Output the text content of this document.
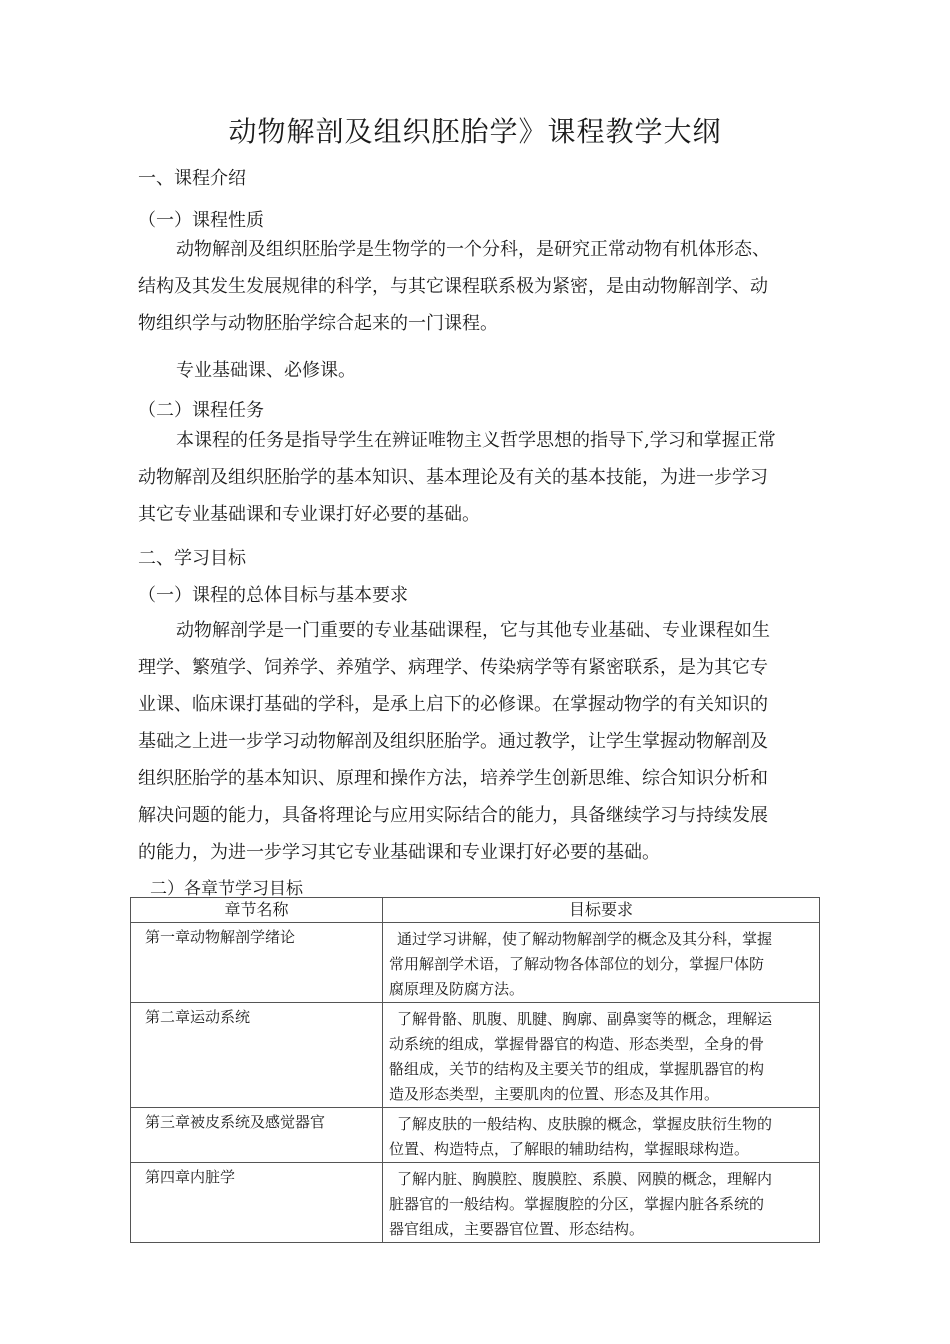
动物解剖及组织胚胎学》课程教学大纲
一、课程介绍
（一）课程性质
动物解剖及组织胚胎学是生物学的一个分科，是研究正常动物有机体形态、
结构及其发生发展规律的科学，与其它课程联系极为紧密，是由动物解剖学、动
物组织学与动物胚胎学综合起来的一门课程。
专业基础课、必修课。
（二）课程任务
本课程的任务是指导学生在辨证唯物主义哲学思想的指导下,学习和掌握正常
动物解剖及组织胚胎学的基本知识、基本理论及有关的基本技能，为进一步学习
其它专业基础课和专业课打好必要的基础。
二、学习目标
（一）课程的总体目标与基本要求
动物解剖学是一门重要的专业基础课程，它与其他专业基础、专业课程如生
理学、繁殖学、饲养学、养殖学、病理学、传染病学等有紧密联系，是为其它专
业课、临床课打基础的学科，是承上启下的必修课。在掌握动物学的有关知识的
基础之上进一步学习动物解剖及组织胚胎学。通过教学，让学生掌握动物解剖及
组织胚胎学的基本知识、原理和操作方法，培养学生创新思维、综合知识分析和
解决问题的能力，具备将理论与应用实际结合的能力，具备继续学习与持续发展
的能力，为进一步学习其它专业基础课和专业课打好必要的基础。
二）各章节学习目标
章节名称	目标要求
第一章动物解剖学绪论	通过学习讲解，使了解动物解剖学的概念及其分科，掌握
常用解剖学术语，了解动物各体部位的划分，掌握尸体防
腐原理及防腐方法。

第二章运动系统	了解骨骼、肌腹、肌腱、胸廓、副鼻窦等的概念，理解运
动系统的组成，掌握骨器官的构造、形态类型，全身的骨
骼组成，关节的结构及主要关节的组成，掌握肌器官的构
造及形态类型，主要肌肉的位置、形态及其作用。

第三章被皮系统及感觉器官	了解皮肤的一般结构、皮肤腺的概念，掌握皮肤衍生物的
位置、构造特点，了解眼的辅助结构，掌握眼球构造。

第四章内脏学	了解内脏、胸膜腔、腹膜腔、系膜、网膜的概念，理解内
脏器官的一般结构。掌握腹腔的分区，掌握内脏各系统的
器官组成，主要器官位置、形态结构。
